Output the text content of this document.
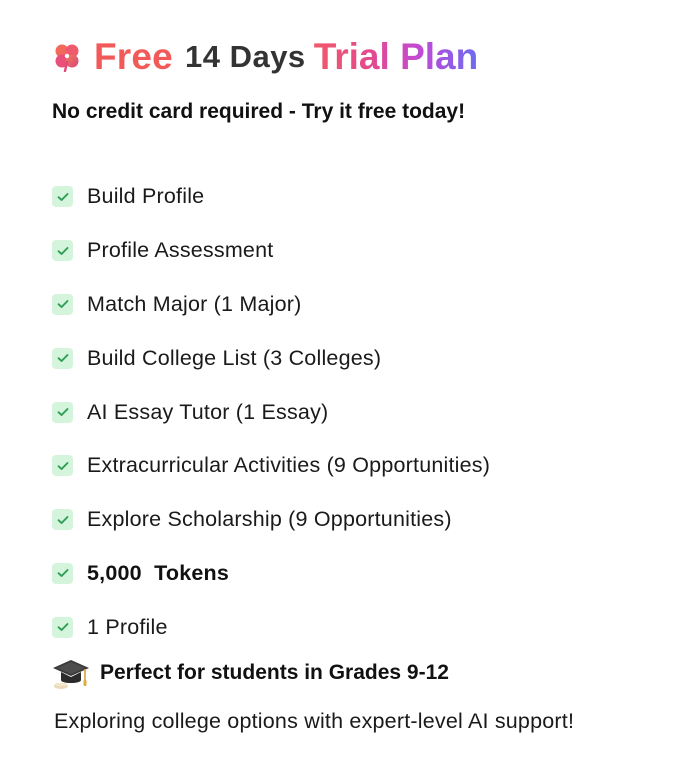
Free 14 Days Trial Plan
No credit card required - Try it free today!
Build Profile
Profile Assessment
Match Major (1 Major)
Build College List (3 Colleges)
AI Essay Tutor (1 Essay)
Extracurricular Activities (9 Opportunities)
Explore Scholarship (9 Opportunities)
5,000  Tokens
1 Profile
Perfect for students in Grades 9-12
Exploring college options with expert-level AI support!
